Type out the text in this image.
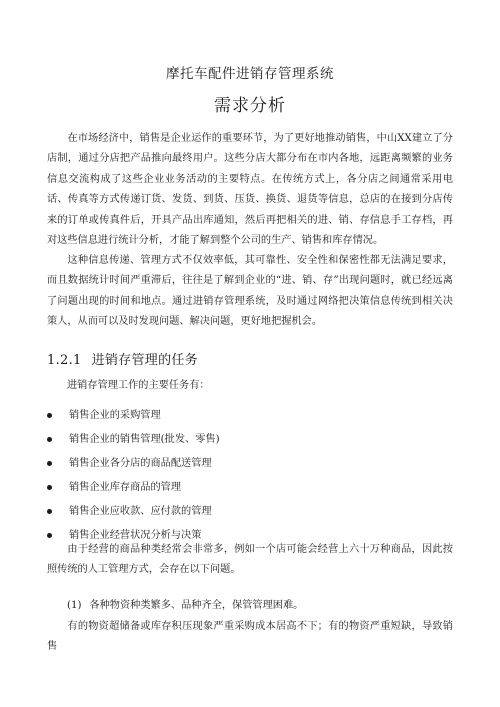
摩托车配件进销存管理系统
需求分析

在市场经济中，销售是企业运作的重要环节，为了更好地推动销售，中山XX建立了分店制，通过分店把产品推向最终用户。这些分店大都分布在市内各地，远距离频繁的业务信息交流构成了这些企业业务活动的主要特点。在传统方式上，各分店之间通常采用电话、传真等方式传递订货、发货、到货、压货、换货、退货等信息，总店的在接到分店传来的订单或传真件后，开具产品出库通知，然后再把相关的进、销、存信息手工存档，再对这些信息进行统计分析，才能了解到整个公司的生产、销售和库存情况。

这种信息传递、管理方式不仅效率低，其可靠性、安全性和保密性都无法满足要求，而且数据统计时间严重滞后，往往是了解到企业的“进、销、存”出现问题时，就已经远离了问题出现的时间和地点。通过进销存管理系统，及时通过网络把决策信息传统到相关决策人，从而可以及时发现问题、解决问题，更好地把握机会。

1.2.1 进销存管理的任务
进销存管理工作的主要任务有：
销售企业的采购管理
销售企业的销售管理(批发、零售)
销售企业各分店的商品配送管理
销售企业库存商品的管理
销售企业应收款、应付款的管理
销售企业经营状况分析与决策

由于经营的商品种类经常会非常多，例如一个店可能会经营上六十万种商品，因此按照传统的人工管理方式，会存在以下问题。

(1) 各种物资种类繁多、品种齐全，保管管理困难。

有的物资超储备或库存积压现象严重采购成本居高不下；有的物资严重短缺，导致销售
